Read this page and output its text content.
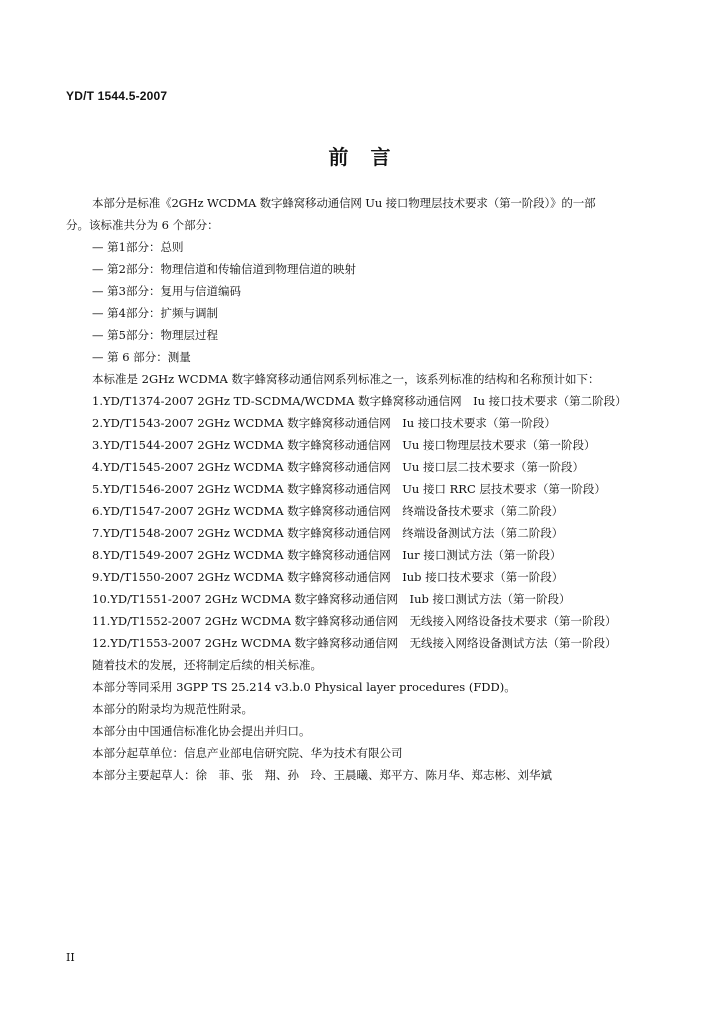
YD/T 1544.5-2007
前言
本部分是标准《2GHz WCDMA 数字蜂窝移动通信网 Uu 接口物理层技术要求（第一阶段）》的一部
分。该标准共分为 6 个部分：
— 第1部分：总则
— 第2部分：物理信道和传输信道到物理信道的映射
— 第3部分：复用与信道编码
— 第4部分：扩频与调制
— 第5部分：物理层过程
— 第 6 部分：测量
本标准是 2GHz WCDMA 数字蜂窝移动通信网系列标准之一，该系列标准的结构和名称预计如下：
1.YD/T1374-2007 2GHz TD-SCDMA/WCDMA 数字蜂窝移动通信网　Iu 接口技术要求（第二阶段）
2.YD/T1543-2007 2GHz WCDMA 数字蜂窝移动通信网　Iu 接口技术要求（第一阶段）
3.YD/T1544-2007 2GHz WCDMA 数字蜂窝移动通信网　Uu 接口物理层技术要求（第一阶段）
4.YD/T1545-2007 2GHz WCDMA 数字蜂窝移动通信网　Uu 接口层二技术要求（第一阶段）
5.YD/T1546-2007 2GHz WCDMA 数字蜂窝移动通信网　Uu 接口 RRC 层技术要求（第一阶段）
6.YD/T1547-2007 2GHz WCDMA 数字蜂窝移动通信网　终端设备技术要求（第二阶段）
7.YD/T1548-2007 2GHz WCDMA 数字蜂窝移动通信网　终端设备测试方法（第二阶段）
8.YD/T1549-2007 2GHz WCDMA 数字蜂窝移动通信网　Iur 接口测试方法（第一阶段）
9.YD/T1550-2007 2GHz WCDMA 数字蜂窝移动通信网　Iub 接口技术要求（第一阶段）
10.YD/T1551-2007 2GHz WCDMA 数字蜂窝移动通信网　Iub 接口测试方法（第一阶段）
11.YD/T1552-2007 2GHz WCDMA 数字蜂窝移动通信网　无线接入网络设备技术要求（第一阶段）
12.YD/T1553-2007 2GHz WCDMA 数字蜂窝移动通信网　无线接入网络设备测试方法（第一阶段）
随着技术的发展，还将制定后续的相关标准。
本部分等同采用 3GPP TS 25.214 v3.b.0 Physical layer procedures (FDD)。
本部分的附录均为规范性附录。
本部分由中国通信标准化协会提出并归口。
本部分起草单位：信息产业部电信研究院、华为技术有限公司
本部分主要起草人：徐　菲、张　翔、孙　玲、王晨曦、郑平方、陈月华、郑志彬、刘华斌
II
